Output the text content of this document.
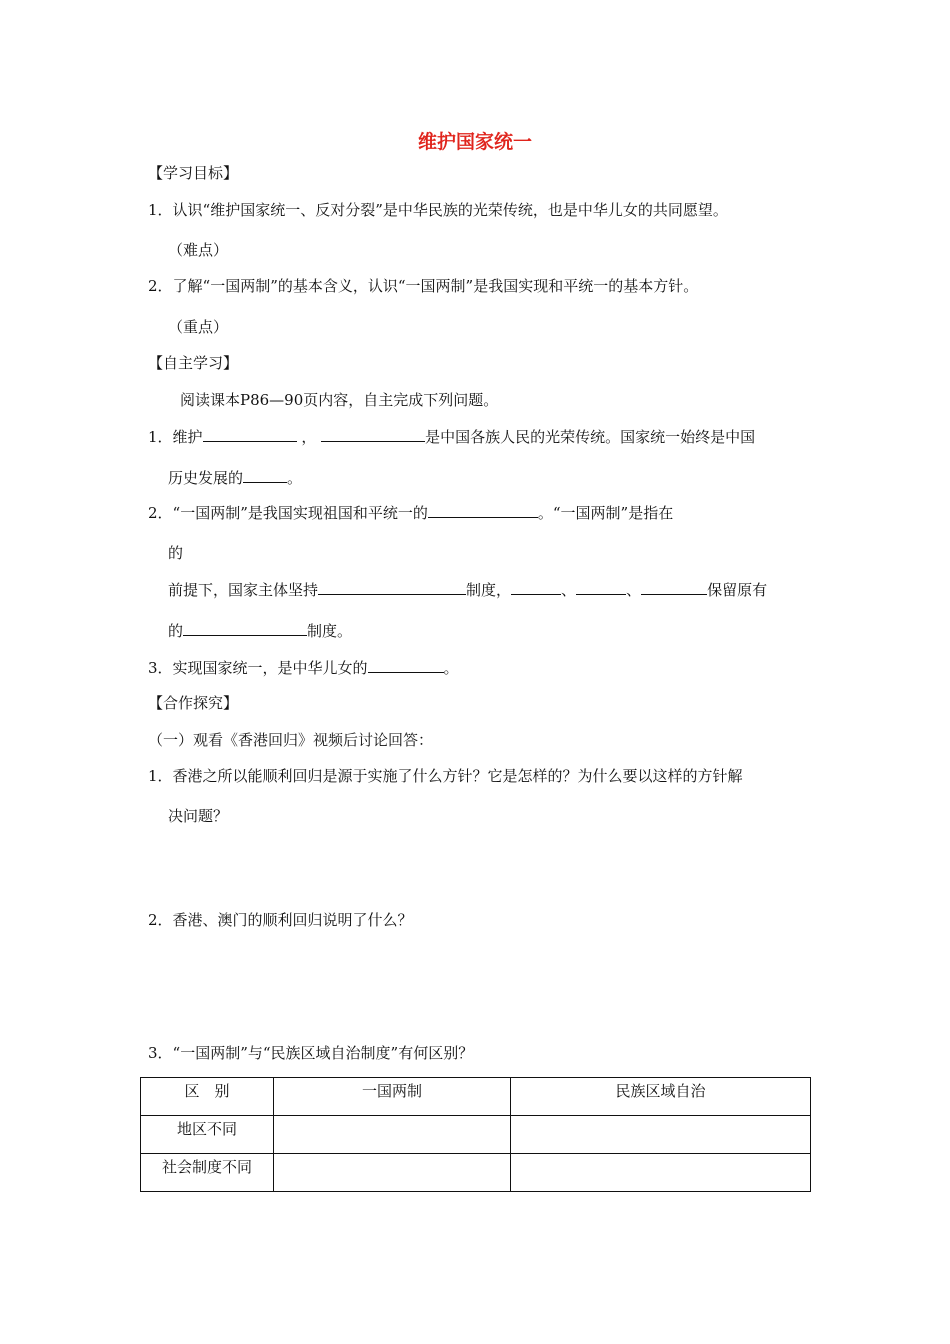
维护国家统一
【学习目标】
1．认识“维护国家统一、反对分裂”是中华民族的光荣传统，也是中华儿女的共同愿望。
（难点）
2．了解“一国两制”的基本含义，认识“一国两制”是我国实现和平统一的基本方针。
（重点）
【自主学习】
阅读课本P86—90页内容，自主完成下列问题。
1．维护	，	是中国各族人民的光荣传统。国家统一始终是中国
历史发展的	。
2．“一国两制”是我国实现祖国和平统一的	。“一国两制”是指在
的
前提下，国家主体坚持	制度，	、	、	保留原有
的	制度。
3．实现国家统一，是中华儿女的	。
【合作探究】
（一）观看《香港回归》视频后讨论回答：
1．香港之所以能顺利回归是源于实施了什么方针？它是怎样的？为什么要以这样的方针解
决问题？
2．香港、澳门的顺利回归说明了什么？
3．“一国两制”与“民族区域自治制度”有何区别？
区　别	一国两制	民族区域自治
地区不同		
社会制度不同		
